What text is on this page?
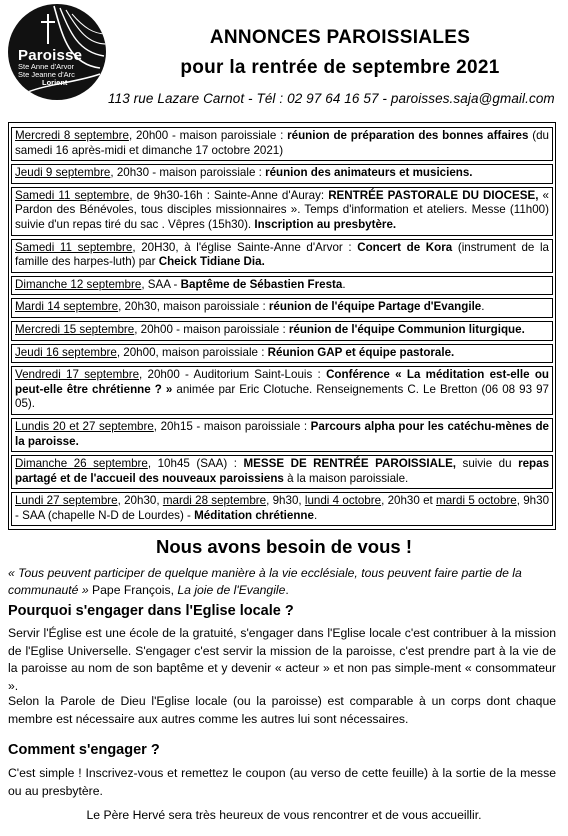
Paroisse
Ste Anne d'Arvor
Ste Jeanne d'Arc
Lorient
ANNONCES PAROISSIALES
pour la rentrée de septembre 2021
113 rue Lazare Carnot - Tél : 02 97 64 16 57 - paroisses.saja@gmail.com
Mercredi 8 septembre, 20h00 - maison paroissiale : réunion de préparation des bonnes affaires (du samedi 16 après-midi et dimanche 17 octobre 2021)
Jeudi 9 septembre, 20h30 - maison paroissiale : réunion des animateurs et musiciens.
Samedi 11 septembre, de 9h30-16h : Sainte-Anne d'Auray: RENTRÉE PASTORALE DU DIOCESE, « Pardon des Bénévoles, tous disciples missionnaires ». Temps d'information et ateliers. Messe (11h00) suivie d'un repas tiré du sac . Vêpres (15h30). Inscription au presbytère.
Samedi 11 septembre, 20H30, à l'église Sainte-Anne d'Arvor : Concert de Kora (instrument de la famille des harpes-luth) par Cheick Tidiane Dia.
Dimanche 12 septembre, SAA - Baptême de Sébastien Fresta.
Mardi 14 septembre, 20h30, maison paroissiale : réunion de l'équipe Partage d'Evangile.
Mercredi 15 septembre, 20h00 - maison paroissiale : réunion de l'équipe Communion liturgique.
Jeudi 16 septembre, 20h00, maison paroissiale : Réunion GAP et équipe pastorale.
Vendredi 17 septembre, 20h00 - Auditorium Saint-Louis : Conférence « La méditation est-elle ou peut-elle être chrétienne ? » animée par Eric Clotuche. Renseignements C. Le Bretton (06 08 93 97 05).
Lundis 20 et 27 septembre, 20h15 - maison paroissiale : Parcours alpha pour les catéchu-mènes de la paroisse.
Dimanche 26 septembre, 10h45 (SAA) : MESSE DE RENTRÉE PAROISSIALE, suivie du repas partagé et de l'accueil des nouveaux paroissiens à la maison paroissiale.
Lundi 27 septembre, 20h30, mardi 28 septembre, 9h30, lundi 4 octobre, 20h30 et mardi 5 octobre, 9h30 - SAA (chapelle N-D de Lourdes) - Méditation chrétienne.
Nous avons besoin de vous !
« Tous peuvent participer de quelque manière à la vie ecclésiale, tous peuvent faire partie de la communauté » Pape François, La joie de l'Evangile.
Pourquoi s'engager dans l'Eglise locale ?
Servir l'Église est une école de la gratuité, s'engager dans l'Eglise locale c'est contribuer à la mission de l'Eglise Universelle. S'engager c'est servir la mission de la paroisse, c'est prendre part à la vie de la paroisse au nom de son baptême et y devenir « acteur » et non pas simple-ment « consommateur ».
Selon la Parole de Dieu l'Eglise locale (ou la paroisse) est comparable à un corps dont chaque membre est nécessaire aux autres comme les autres lui sont nécessaires.
Comment s'engager ?
C'est simple ! Inscrivez-vous et remettez le coupon (au verso de cette feuille) à la sortie de la messe ou au presbytère.
Le Père Hervé sera très heureux de vous rencontrer et de vous accueillir.
